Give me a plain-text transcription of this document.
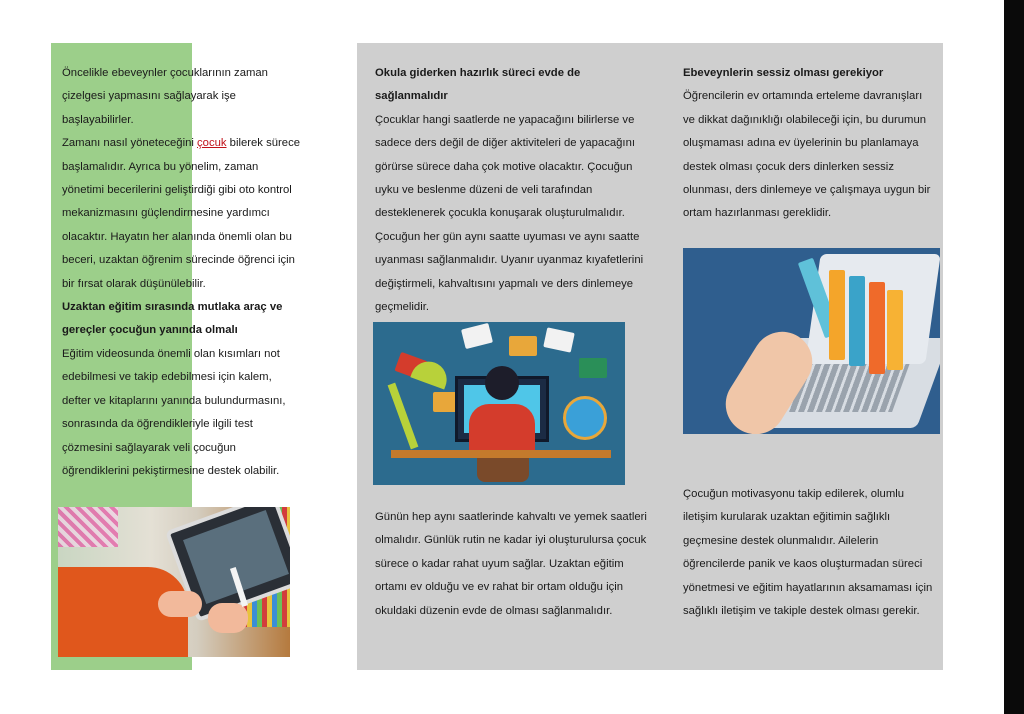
Öncelikle ebeveynler çocuklarının zaman çizelgesi yapmasını sağlayarak işe başlayabilirler.

Zamanı nasıl yöneteceğini çocuk bilerek sürece başlamalıdır. Ayrıca bu yönelim, zaman yönetimi becerilerini geliştirdiği gibi oto kontrol mekanizmasını güçlendirmesine yardımcı olacaktır. Hayatın her alanında önemli olan bu beceri, uzaktan öğrenim sürecinde öğrenci için bir fırsat olarak düşünülebilir.

Uzaktan eğitim sırasında mutlaka araç ve gereçler çocuğun yanında olmalı

Eğitim videosunda önemli olan kısımları not edebilmesi ve takip edebilmesi için kalem, defter ve kitaplarını yanında bulundurmasını, sonrasında da öğrendikleriyle ilgili test çözmesini sağlayarak veli çocuğun öğrendiklerini pekiştirmesine destek olabilir.

Okula giderken hazırlık süreci evde de sağlanmalıdır

Çocuklar hangi saatlerde ne yapacağını bilirlerse ve sadece ders değil de diğer aktiviteleri de yapacağını görürse sürece daha çok motive olacaktır. Çocuğun uyku ve beslenme düzeni de veli tarafından desteklenerek çocukla konuşarak oluşturulmalıdır. Çocuğun her gün aynı saatte uyuması ve aynı saatte uyanması sağlanmalıdır. Uyanır uyanmaz kıyafetlerini değiştirmeli, kahvaltısını yapmalı ve ders dinlemeye geçmelidir.

Günün hep aynı saatlerinde kahvaltı ve yemek saatleri olmalıdır. Günlük rutin ne kadar iyi oluşturulursa çocuk sürece o kadar rahat uyum sağlar. Uzaktan eğitim ortamı ev olduğu ve ev rahat bir ortam olduğu için okuldaki düzenin evde de olması sağlanmalıdır.

Ebeveynlerin sessiz olması gerekiyor

Öğrencilerin ev ortamında erteleme davranışları ve dikkat dağınıklığı olabileceği için, bu durumun oluşmaması adına ev üyelerinin bu planlamaya destek olması çocuk ders dinlerken sessiz olunması, ders dinlemeye ve çalışmaya uygun bir ortam hazırlanması gereklidir.

Çocuğun motivasyonu takip edilerek, olumlu iletişim kurularak uzaktan eğitimin sağlıklı geçmesine destek olunmalıdır. Ailelerin öğrencilerde panik ve kaos oluşturmadan süreci yönetmesi ve eğitim hayatlarının aksamaması için sağlıklı iletişim ve takiple destek olması gerekir.
